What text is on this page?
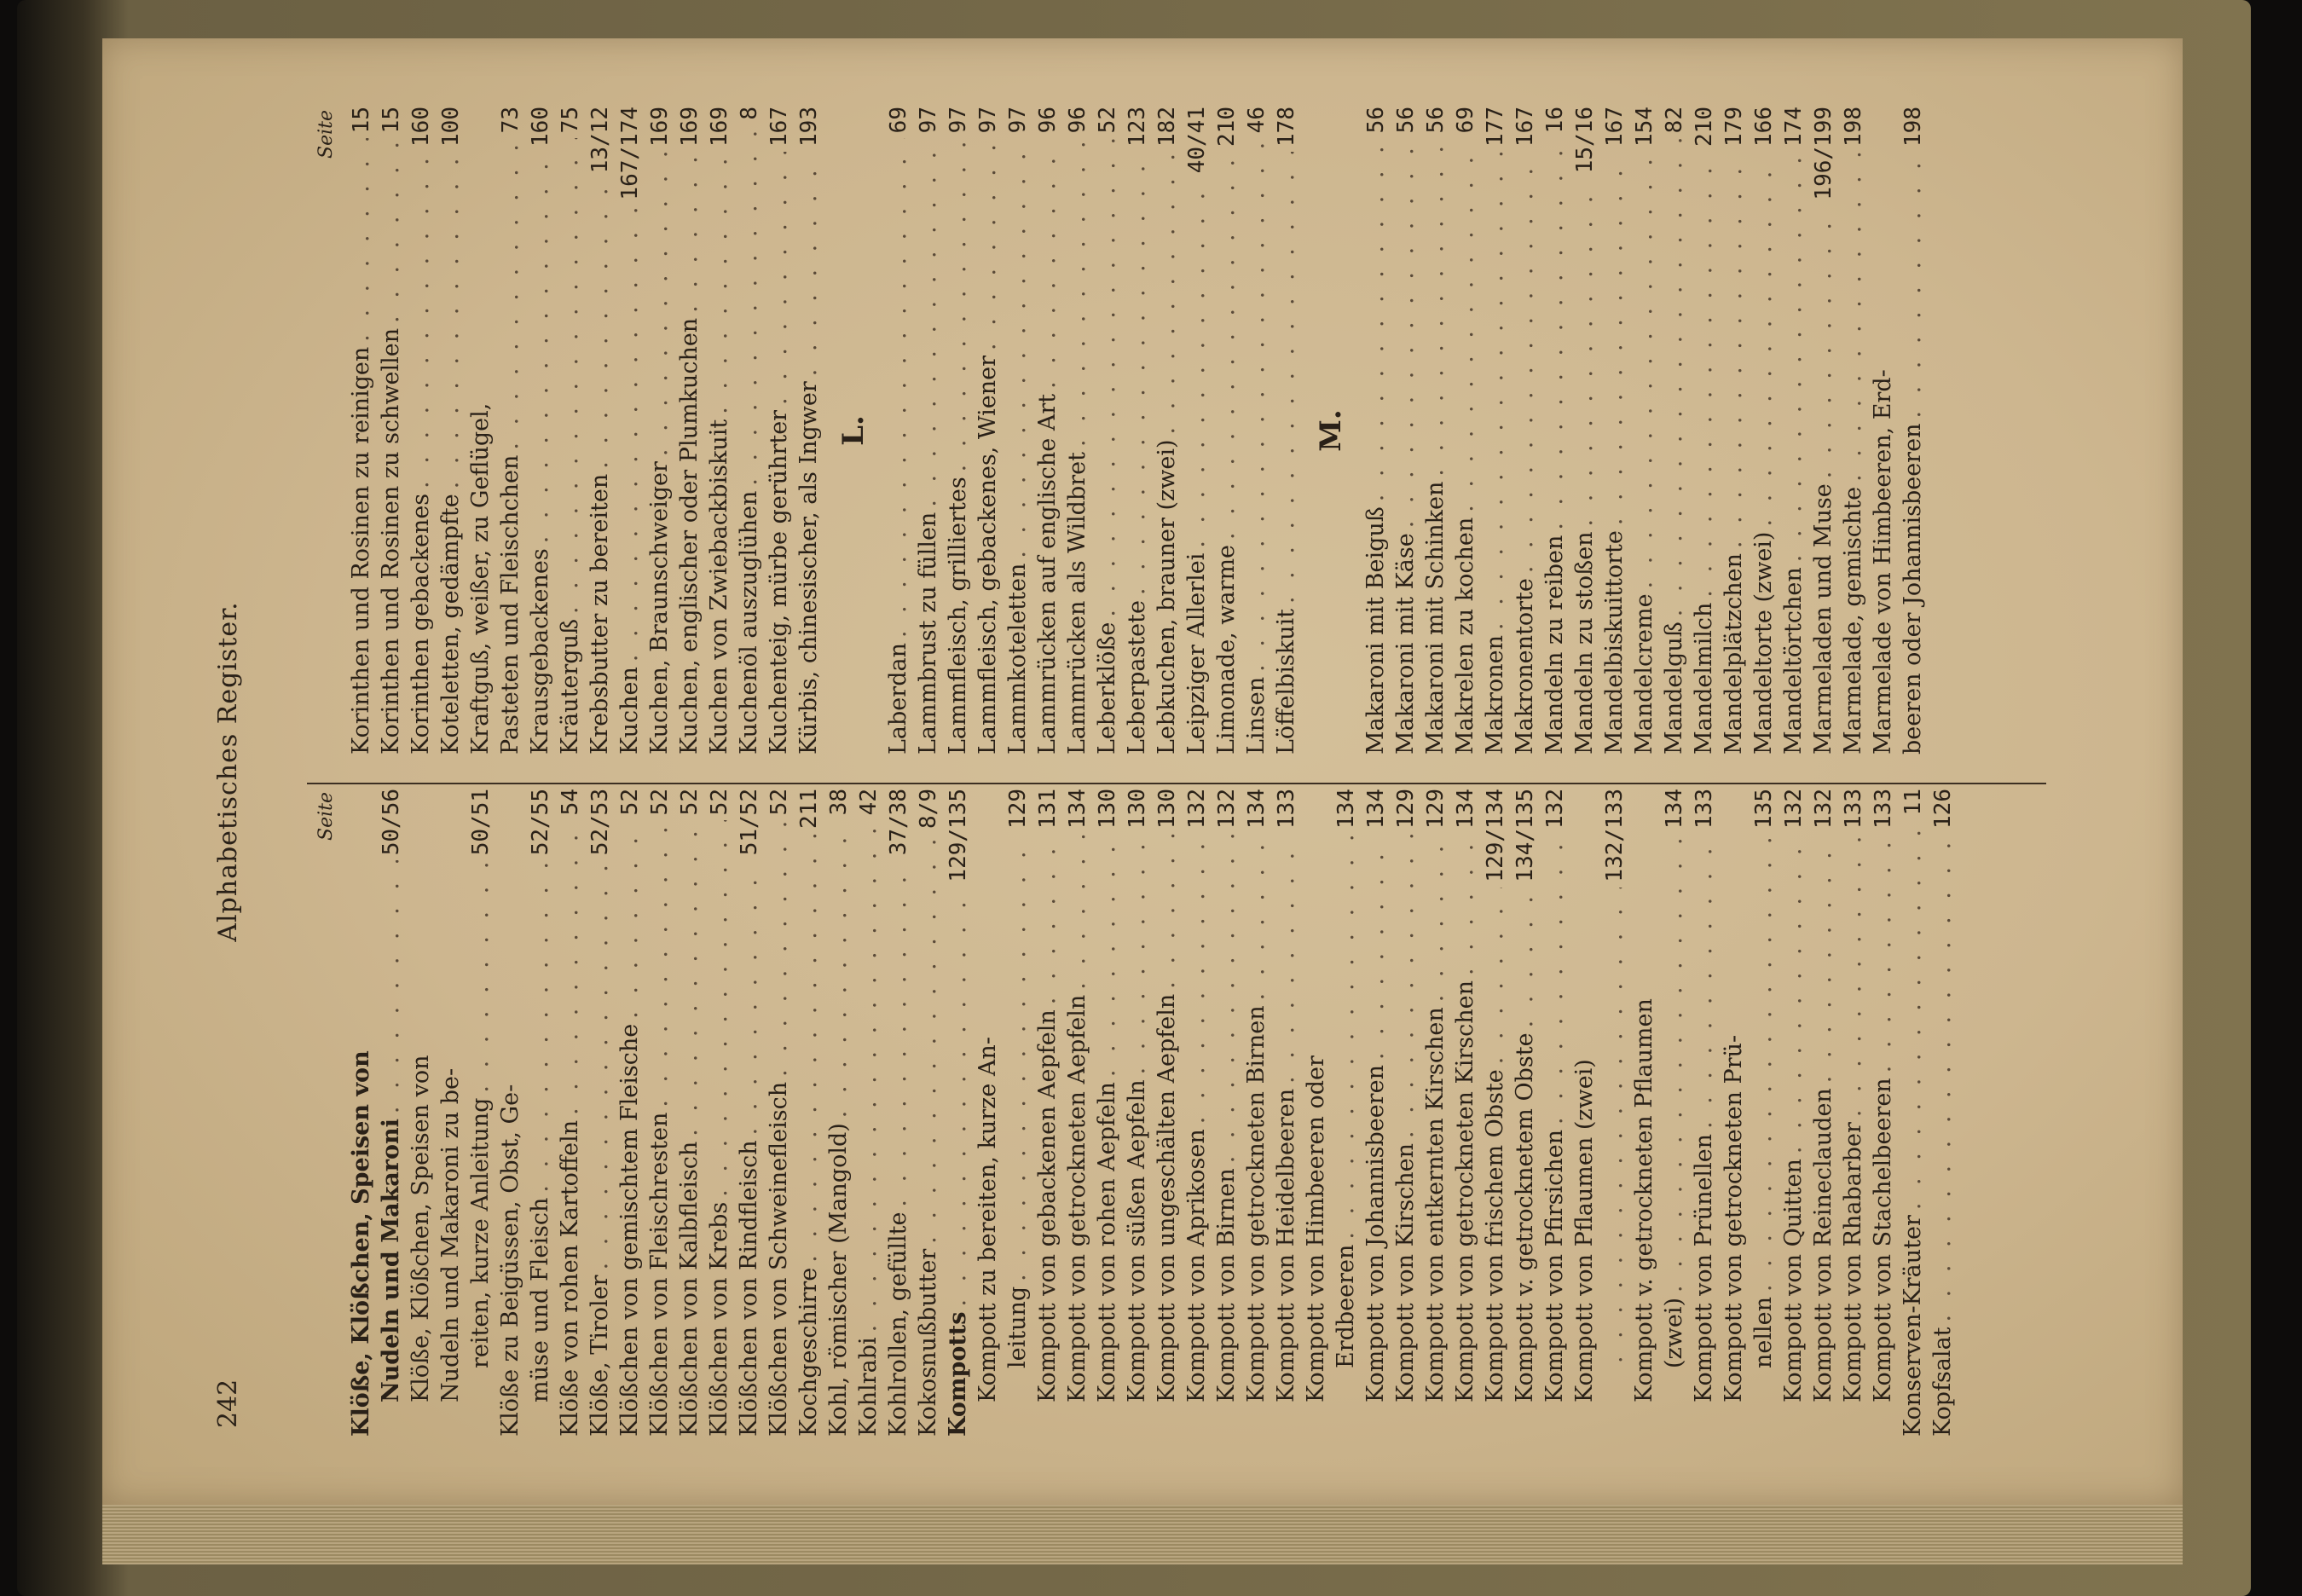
242
Alphabetisches Register.	Seite
Klöße, Klößchen, Speisen von Nudeln und Makaroni
. . .
50/56
Klöße, Klößchen, Speisen von Nudeln und Makaroni zu be- reiten, kurze Anleitung
. . .
50/51
Klöße zu Beigüssen, Obst, Ge- müse und Fleisch
. . .
52/55
Klöße von rohen Kartoffeln
. . .
54
Klöße, Tiroler
. . .
52/53
Klößchen von gemischtem Fleische
. . .
52
Klößchen von Fleischresten
. . .
52
Klößchen von Kalbfleisch
. . .
52
Klößchen von Krebs
. . .
52
Klößchen von Rindfleisch
. . .
51/52
Klößchen von Schweinefleisch
. . .
52
Kochgeschirre
. . .
211
Kohl, römischer (Mangold)
. . .
38
Kohlrabi
. . .
42
Kohlrollen, gefüllte
. . .
37/38
Kokosnußbutter
. . .
8/9
Kompotts
. . .
129/135
Kompott zu bereiten, kurze An- leitung
. . .
129
Kompott von gebackenen Aepfeln
. . .
131
Kompott von getrockneten Aepfeln
. . .
134
Kompott von rohen Aepfeln
. . .
130
Kompott von süßen Aepfeln
. . .
130
Kompott von ungeschälten Aepfeln
. . .
130
Kompott von Aprikosen
. . .
132
Kompott von Birnen
. . .
132
Kompott von getrockneten Birnen
. . .
134
Kompott von Heidelbeeren
. . .
133
Kompott von Himbeeren oder Erdbeeren
. . .
134
Kompott von Johannisbeeren
. . .
134
Kompott von Kirschen
. . .
129
Kompott von entkernten Kirschen
. . .
129
Kompott von getrockneten Kirschen
. . .
134
Kompott von frischem Obste
. . .
129/134
Kompott v. getrocknetem Obste
. . .
134/135
Kompott von Pfirsichen
. . .
132
Kompott von Pflaumen (zwei)
. . .
132/133
Kompott v. getrockneten Pflaumen (zwei)
. . .
134
Kompott von Prünellen
. . .
133
Kompott von getrockneten Prü- nellen
. . .
135
Kompott von Quitten
. . .
132
Kompott von Reineclauden
. . .
132
Kompott von Rhabarber
. . .
133
Kompott von Stachelbeeren
. . .
133
Konserven-Kräuter
. . .
11
Kopfsalat
. . .
126
Seite
Korinthen und Rosinen zu reinigen
. . .
15
Korinthen und Rosinen zu schwellen
. . .
15
Korinthen gebackenes
. . .
160
Koteletten, gedämpfte
. . .
100
Kraftguß, weißer, zu Geflügel, Pasteten und Fleischchen
. . .
73
Krausgebackenes
. . .
160
Kräuterguß
. . .
75
Krebsbutter zu bereiten
. . .
13/12
Kuchen
. . .
167/174
Kuchen, Braunschweiger
. . .
169
Kuchen, englischer oder Plumkuchen
. . .
169
Kuchen von Zwiebackbiskuit
. . .
169
Kuchenöl auszuglühen
. . .
8
Kuchenteig, mürbe gerührter
. . .
167
Kürbis, chinesischer, als Ingwer
. . .
193
L.
Laberdan
. . .
69
Lammbrust zu füllen
. . .
97
Lammfleisch, grilliertes
. . .
97
Lammfleisch, gebackenes, Wiener
. . .
97
Lammkoteletten
. . .
97
Lammrücken auf englische Art
. . .
96
Lammrücken als Wildbret
. . .
96
Leberklöße
. . .
52
Leberpastete
. . .
123
Lebkuchen, brauner (zwei)
. . .
182
Leipziger Allerlei
. . .
40/41
Limonade, warme
. . .
210
Linsen
. . .
46
Löffelbiskuit
. . .
178
M.
Makaroni mit Beiguß
. . .
56
Makaroni mit Käse
. . .
56
Makaroni mit Schinken
. . .
56
Makrelen zu kochen
. . .
69
Makronen
. . .
177
Makronentorte
. . .
167
Mandeln zu reiben
. . .
16
Mandeln zu stoßen
. . .
15/16
Mandelbiskuittorte
. . .
167
Mandelcreme
. . .
154
Mandelguß
. . .
82
Mandelmilch
. . .
210
Mandelplätzchen
. . .
179
Mandeltorte (zwei)
. . .
166
Mandeltörtchen
. . .
174
Marmeladen und Muse
. . .
196/199
Marmelade, gemischte
. . .
198
Marmelade von Himbeeren, Erd- beeren oder Johannisbeeren
. . .
198
